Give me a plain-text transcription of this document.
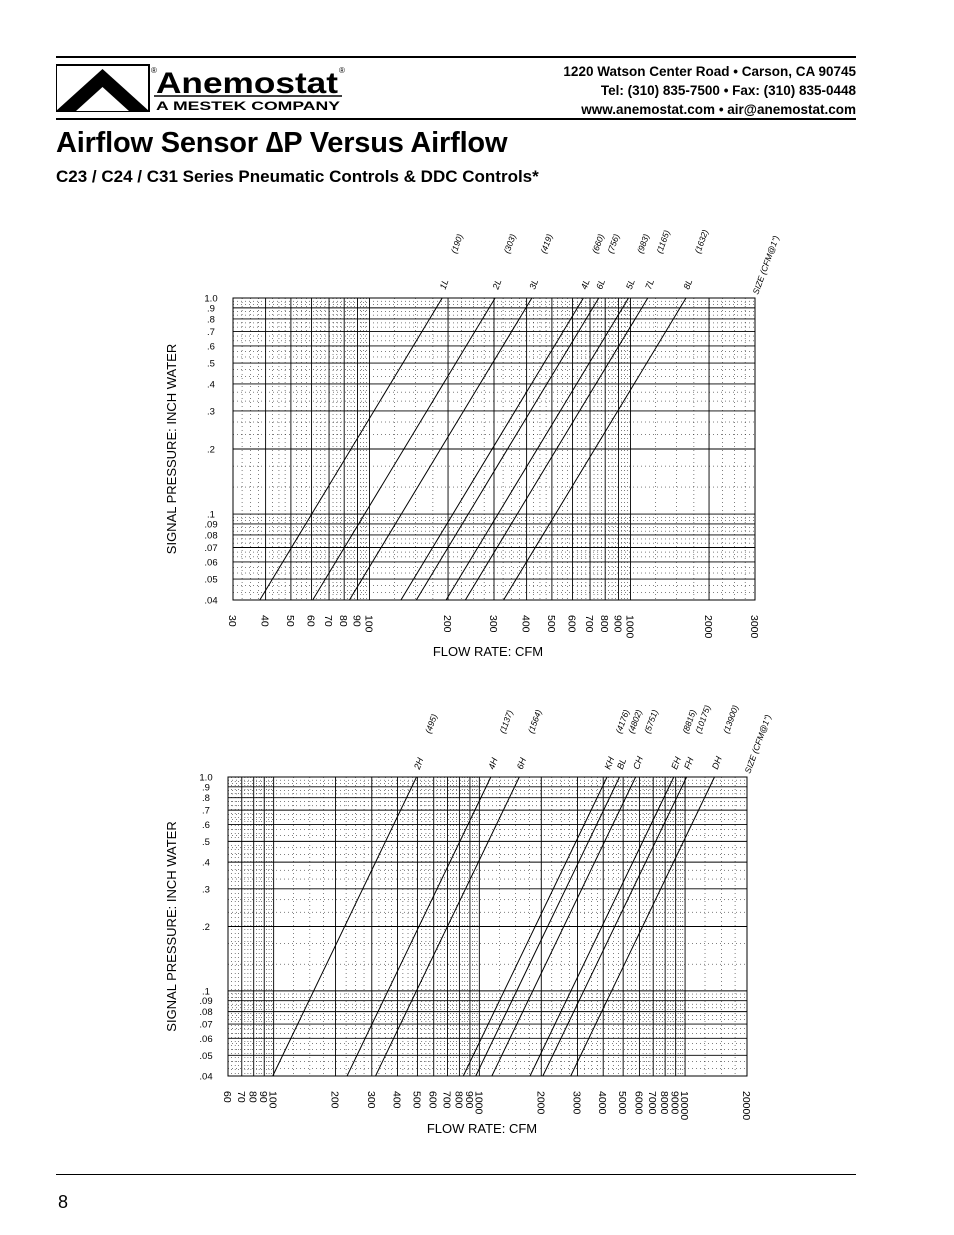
® Anemostat ®
A MESTEK COMPANY
1220 Watson Center Road • Carson, CA 90745
Tel: (310) 835-7500 • Fax: (310) 835-0448
www.anemostat.com • air@anemostat.com
Airflow Sensor ∆P Versus Airflow
C23 / C24 / C31 Series Pneumatic Controls & DDC Controls*
30 40 50 60 70 80 90 100	200	300 400 500 600 700 800 900 1000	2000	3000
1.0
.9
.8
.7
.6
.5
.4
.3
.2
.1
.09
.08
.07
.06
.05
.04
FLOW RATE: CFM
SIGNAL PRESSURE: INCH WATER
SIZE (CFM@1")
1L
(190)
2L
(303)
3L
(419)
4L
(660)
6L
(756)
5L
(983)
7L
(1165)
8L
(1632)
60 70 80
90
100	200 300 400 500 600 700 800
900
1000	2000 3000 4000 5000 6000 7000 8000
9000
10000	20000
1.0
.9
.8
.7
.6
.5
.4
.3
.2
.1
.09
.08
.07
.06
.05
.04
FLOW RATE: CFM
SIGNAL PRESSURE: INCH WATER
SIZE (CFM@1")
2H
(495)
4H
(1137)
6H
(1564)
KH
(4176)
BL
(4802)
CH
(5751)
EH
(8815)
FH
(10175)
DH
(13900)
8
